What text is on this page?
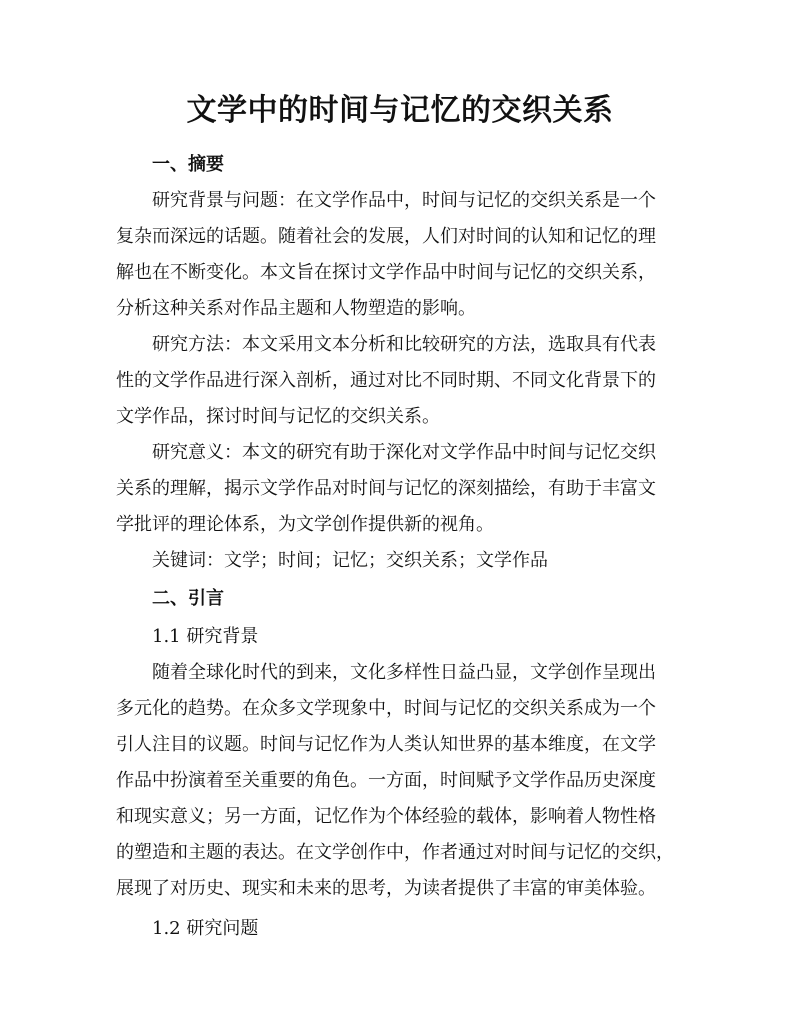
文学中的时间与记忆的交织关系
一、摘要
研究背景与问题：在文学作品中，时间与记忆的交织关系是一个
复杂而深远的话题。随着社会的发展，人们对时间的认知和记忆的理
解也在不断变化。本文旨在探讨文学作品中时间与记忆的交织关系，
分析这种关系对作品主题和人物塑造的影响。
研究方法：本文采用文本分析和比较研究的方法，选取具有代表
性的文学作品进行深入剖析，通过对比不同时期、不同文化背景下的
文学作品，探讨时间与记忆的交织关系。
研究意义：本文的研究有助于深化对文学作品中时间与记忆交织
关系的理解，揭示文学作品对时间与记忆的深刻描绘，有助于丰富文
学批评的理论体系，为文学创作提供新的视角。
关键词：文学；时间；记忆；交织关系；文学作品
二、引言
1.1 研究背景
随着全球化时代的到来，文化多样性日益凸显，文学创作呈现出
多元化的趋势。在众多文学现象中，时间与记忆的交织关系成为一个
引人注目的议题。时间与记忆作为人类认知世界的基本维度，在文学
作品中扮演着至关重要的角色。一方面，时间赋予文学作品历史深度
和现实意义；另一方面，记忆作为个体经验的载体，影响着人物性格
的塑造和主题的表达。在文学创作中，作者通过对时间与记忆的交织，
展现了对历史、现实和未来的思考，为读者提供了丰富的审美体验。
1.2 研究问题
